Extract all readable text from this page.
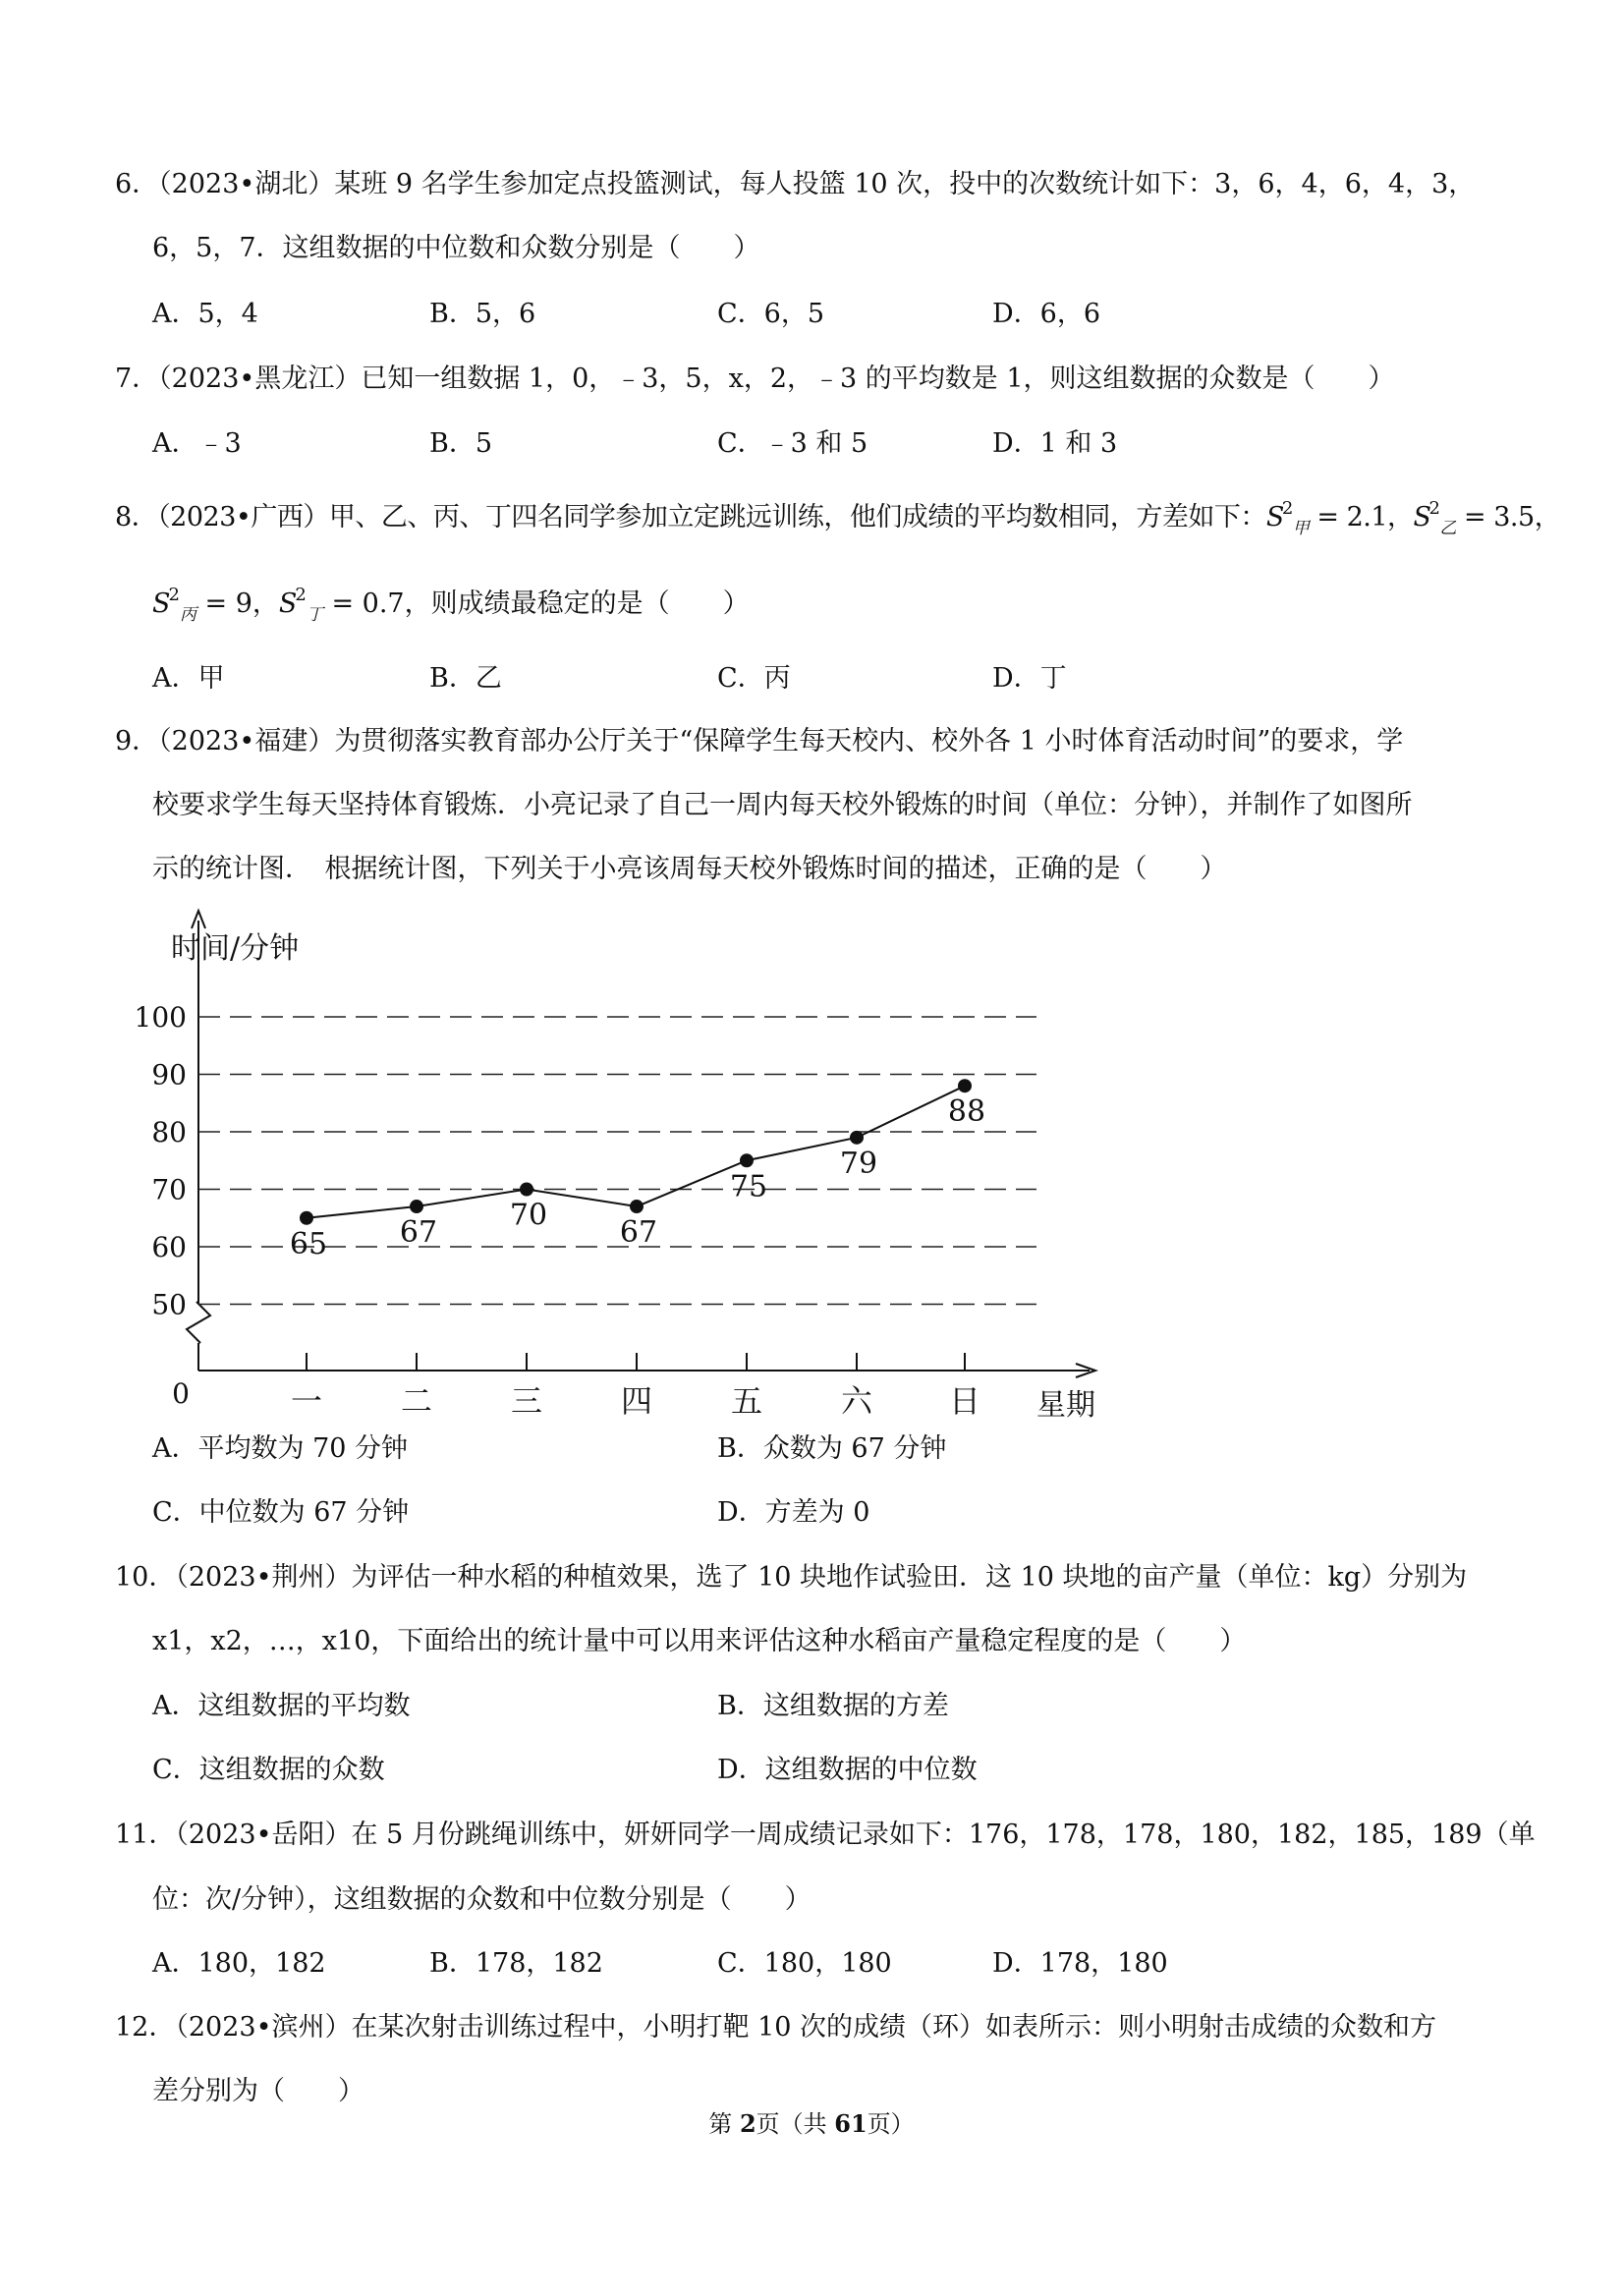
6．（2023•湖北）某班 9 名学生参加定点投篮测试，每人投篮 10 次，投中的次数统计如下：3，6，4，6，4，3，
6，5，7．这组数据的中位数和众数分别是（　　）
A．5，4	B．5，6	C．6，5	D．6，6
7．（2023•黑龙江）已知一组数据 1，0，﹣3，5，x，2，﹣3 的平均数是 1，则这组数据的众数是（　　）
A．﹣3	B．5	C．﹣3 和 5	D．1 和 3
8．（2023•广西）甲、乙、丙、丁四名同学参加立定跳远训练，他们成绩的平均数相同，方差如下：$S^2_甲 = 2.1$，$S^2_乙 = 3.5$，
$S^2_丙 = 9$，$S^2_丁 = 0.7$，则成绩最稳定的是（　　）
A．甲	B．乙	C．丙	D．丁
9．（2023•福建）为贯彻落实教育部办公厅关于“保障学生每天校内、校外各 1 小时体育活动时间”的要求，学
校要求学生每天坚持体育锻炼．小亮记录了自己一周内每天校外锻炼的时间（单位：分钟），并制作了如图所
示的统计图．　根据统计图，下列关于小亮该周每天校外锻炼时间的描述，正确的是（　　）
时间/分钟
星期
0
50
60
70
80
90
100
一 二 三 四 五 六 日
65 67
70
67
75
79
88
A．平均数为 70 分钟	B．众数为 67 分钟
C．中位数为 67 分钟	D．方差为 0
10．（2023•荆州）为评估一种水稻的种植效果，选了 10 块地作试验田．这 10 块地的亩产量（单位：kg）分别为
x1，x2，…，x10，下面给出的统计量中可以用来评估这种水稻亩产量稳定程度的是（　　）
A．这组数据的平均数	B．这组数据的方差
C．这组数据的众数	D．这组数据的中位数
11．（2023•岳阳）在 5 月份跳绳训练中，妍妍同学一周成绩记录如下：176，178，178，180，182，185，189（单
位：次/分钟），这组数据的众数和中位数分别是（　　）
A．180，182	B．178，182	C．180，180	D．178，180
12．（2023•滨州）在某次射击训练过程中，小明打靶 10 次的成绩（环）如表所示：则小明射击成绩的众数和方
差分别为（　　）
第 2页（共 61页）
